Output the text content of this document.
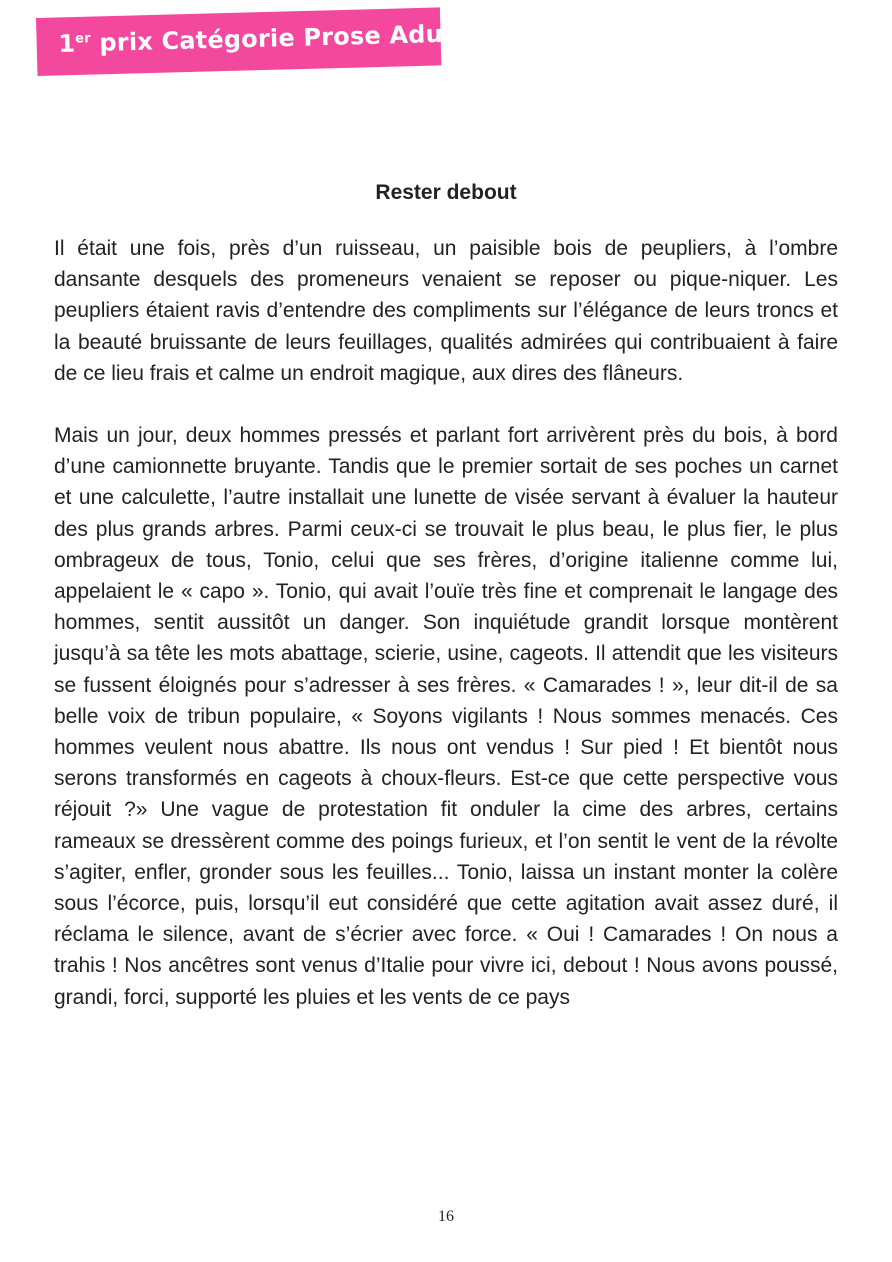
1er prix Catégorie Prose Adulte
Rester debout

Il était une fois, près d’un ruisseau, un paisible bois de peupliers, à l’ombre dansante desquels des promeneurs venaient se reposer ou pique-niquer. Les peupliers étaient ravis d’entendre des compliments sur l’élégance de leurs troncs et la beauté bruissante de leurs feuillages, qualités admirées qui contribuaient à faire de ce lieu frais et calme un endroit magique, aux dires des flâneurs.

Mais un jour, deux hommes pressés et parlant fort arrivèrent près du bois, à bord d’une camionnette bruyante. Tandis que le premier sortait de ses poches un carnet et une calculette, l’autre installait une lunette de visée servant à évaluer la hauteur des plus grands arbres. Parmi ceux-ci se trouvait le plus beau, le plus fier, le plus ombrageux de tous, Tonio, celui que ses frères, d’origine italienne comme lui, appelaient le « capo ». Tonio, qui avait l’ouïe très fine et comprenait le langage des hommes, sentit aussitôt un danger. Son inquiétude grandit lorsque montèrent jusqu’à sa tête les mots abattage, scierie, usine, cageots. Il attendit que les visiteurs se fussent éloignés pour s’adresser à ses frères. « Camarades ! », leur dit-il de sa belle voix de tribun populaire, « Soyons vigilants ! Nous sommes menacés. Ces hommes veulent nous abattre. Ils nous ont vendus ! Sur pied ! Et bientôt nous serons transformés en cageots à choux-fleurs. Est-ce que cette perspective vous réjouit ?» Une vague de protestation fit onduler la cime des arbres, certains rameaux se dressèrent comme des poings furieux, et l’on sentit le vent de la révolte s’agiter, enfler, gronder sous les feuilles... Tonio, laissa un instant monter la colère sous l’écorce, puis, lorsqu’il eut considéré que cette agitation avait assez duré, il réclama le silence, avant de s’écrier avec force. « Oui ! Camarades ! On nous a trahis ! Nos ancêtres sont venus d’Italie pour vivre ici, debout ! Nous avons poussé, grandi, forci, supporté les pluies et les vents de ce pays

16
